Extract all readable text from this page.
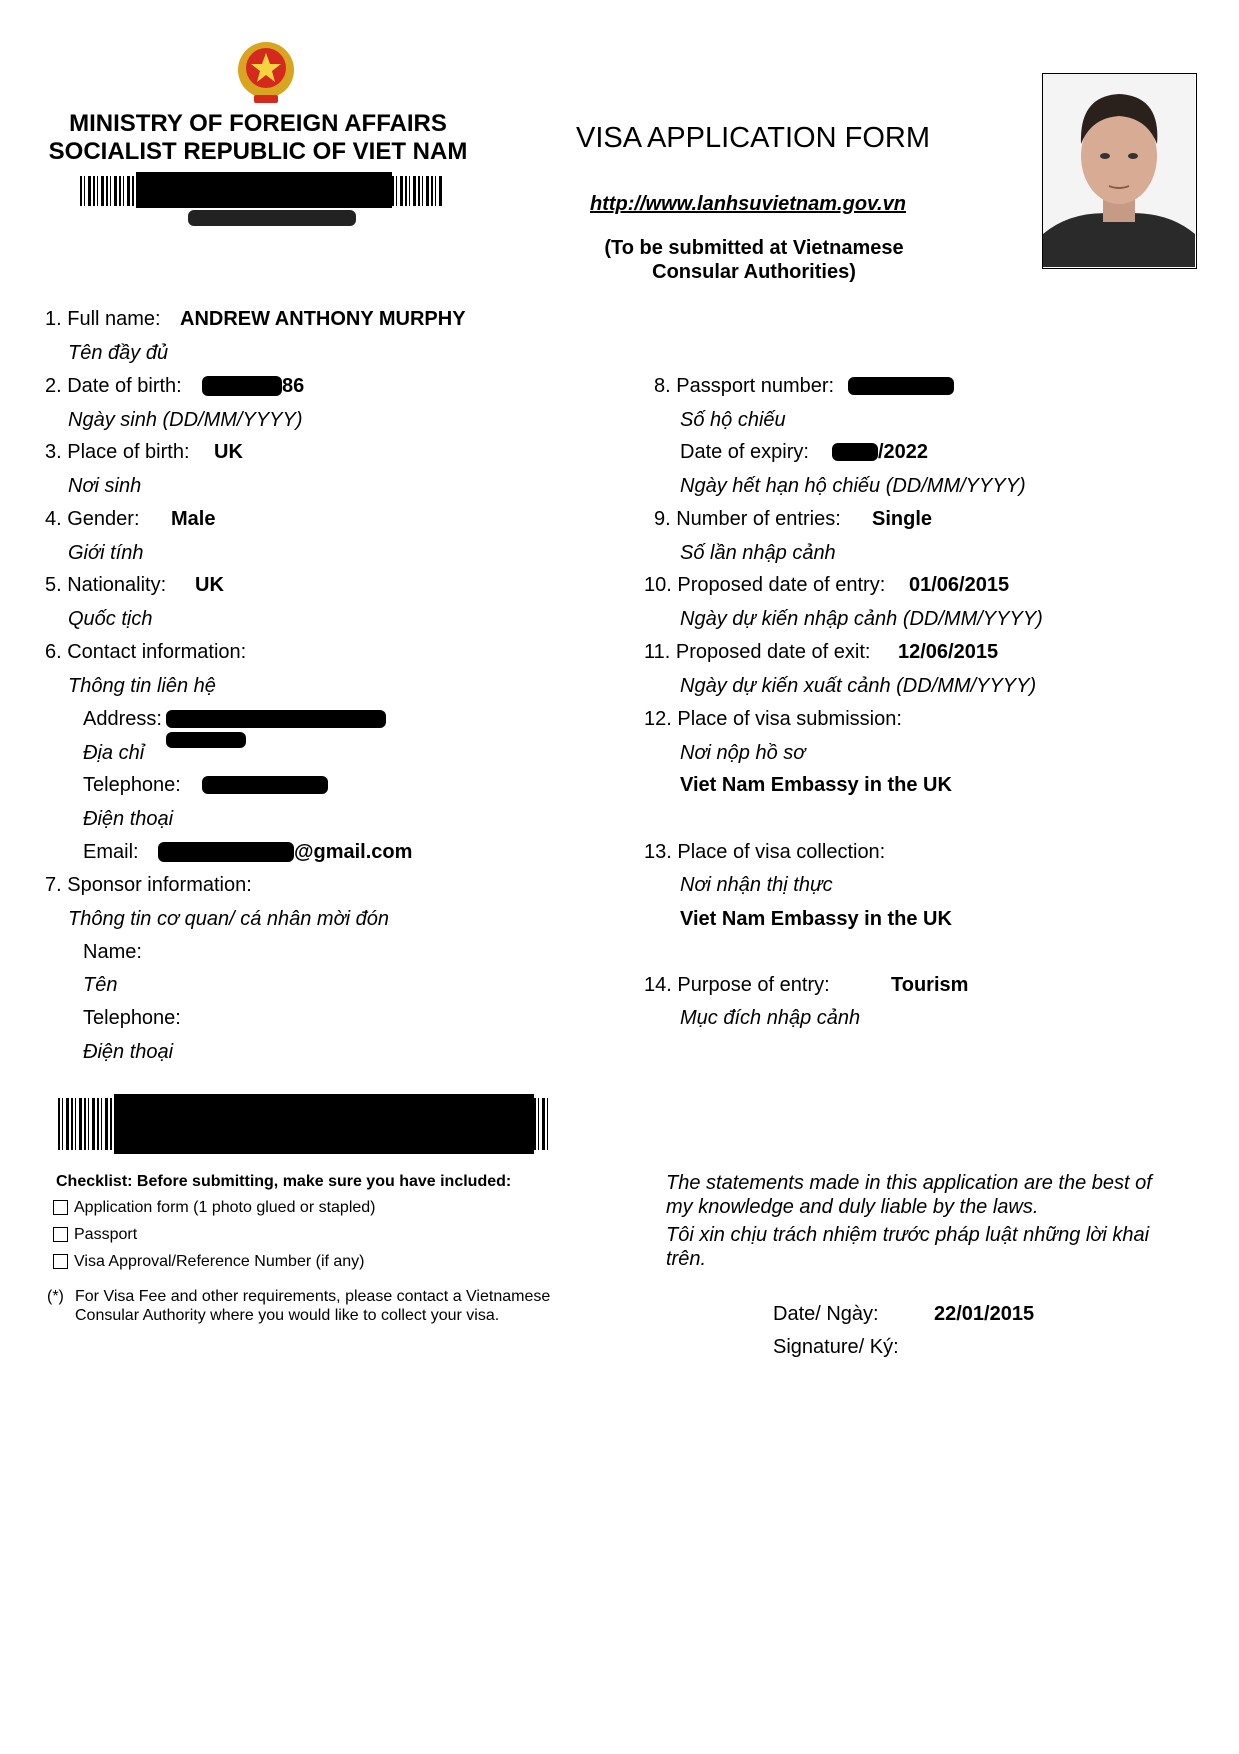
MINISTRY OF FOREIGN AFFAIRS
SOCIALIST REPUBLIC OF VIET NAM	VISA APPLICATION FORM
http://www.lanhsuvietnam.gov.vn
(To be submitted at Vietnamese
Consular Authorities)
1. Full name: ANDREW ANTHONY MURPHY
Tên đầy đủ
2. Date of birth:	86
Ngày sinh (DD/MM/YYYY)
3. Place of birth: UK
Nơi sinh
4. Gender: Male
Giới tính
5. Nationality: UK
Quốc tịch
6. Contact information:
Thông tin liên hệ
Address:
Địa chỉ
Telephone:
Điện thoại
Email:	@gmail.com
7. Sponsor information:
Thông tin cơ quan/ cá nhân mời đón
Name:
Tên
Telephone:
Điện thoại
8. Passport number:
Số hộ chiếu
Date of expiry:	/2022
Ngày hết hạn hộ chiếu (DD/MM/YYYY)
9. Number of entries: Single
Số lần nhập cảnh
10. Proposed date of entry: 01/06/2015
Ngày dự kiến nhập cảnh (DD/MM/YYYY)
11. Proposed date of exit: 12/06/2015
Ngày dự kiến xuất cảnh (DD/MM/YYYY)
12. Place of visa submission:
Nơi nộp hồ sơ
Viet Nam Embassy in the UK
13. Place of visa collection:
Nơi nhận thị thực
Viet Nam Embassy in the UK
14. Purpose of entry:	Tourism
Mục đích nhập cảnh
Checklist: Before submitting, make sure you have included:
Application form (1 photo glued or stapled)
Passport
Visa Approval/Reference Number (if any)
(*) For Visa Fee and other requirements, please contact a Vietnamese
Consular Authority where you would like to collect your visa.
The statements made in this application are the best of
my knowledge and duly liable by the laws.
Tôi xin chịu trách nhiệm trước pháp luật những lời khai
trên.
Date/ Ngày:	22/01/2015
Signature/ Ký:
